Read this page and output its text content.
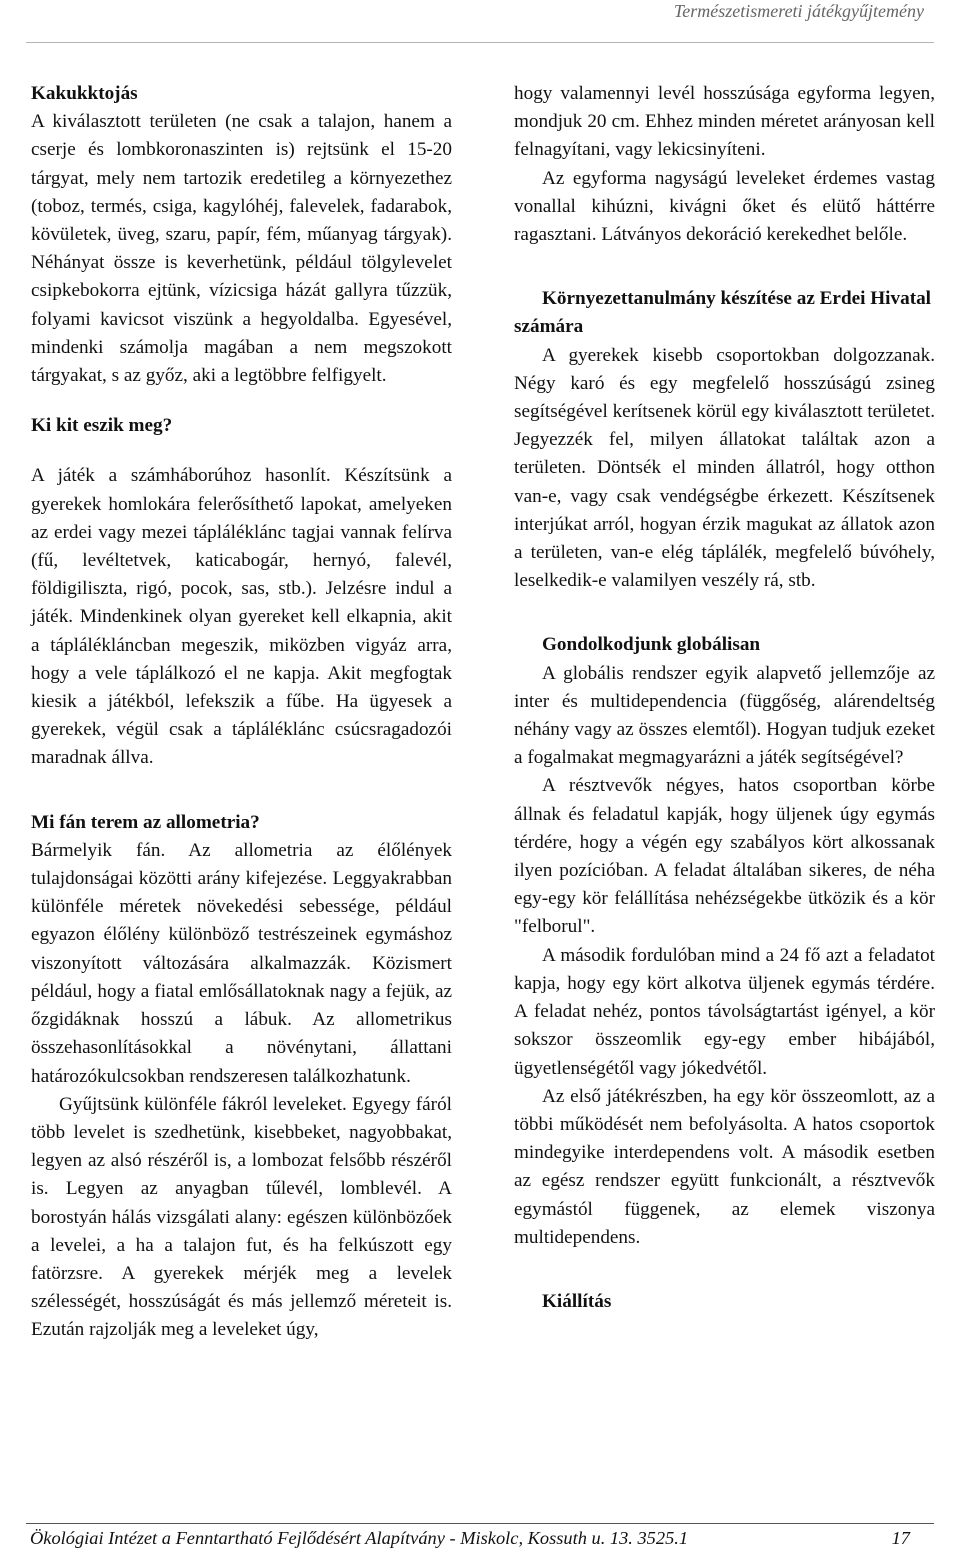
Természetismereti játékgyűjtemény
Kakukktojás

A kiválasztott területen (ne csak a talajon, hanem a cserje és lombkoronaszinten is) rejtsünk el 15-20 tárgyat, mely nem tartozik eredetileg a környezethez (toboz, termés, csiga, kagylóhéj, falevelek, fadarabok, kövületek, üveg, szaru, papír, fém, műanyag tárgyak). Néhányat össze is keverhetünk, például tölgylevelet csipkebokorra ejtünk, vízicsiga házát gallyra tűzzük, folyami kavicsot viszünk a hegyoldalba. Egyesével, mindenki számolja magában a nem megszokott tárgyakat, s az győz, aki a legtöbbre felfigyelt.

Ki kit eszik meg?

A játék a számháborúhoz hasonlít. Készítsünk a gyerekek homlokára felerősíthető lapokat, amelyeken az erdei vagy mezei tápláléklánc tagjai vannak felírva (fű, levéltetvek, katicabogár, hernyó, falevél, földigiliszta, rigó, pocok, sas, stb.). Jelzésre indul a játék. Mindenkinek olyan gyereket kell elkapnia, akit a táplálékláncban megeszik, miközben vigyáz arra, hogy a vele táplálkozó el ne kapja. Akit megfogtak kiesik a játékból, lefekszik a fűbe. Ha ügyesek a gyerekek, végül csak a tápláléklánc csúcsragadozói maradnak állva.

Mi fán terem az allometria?

Bármelyik fán. Az allometria az élőlények tulajdonságai közötti arány kifejezése. Leggyakrabban különféle méretek növekedési sebessége, például egyazon élőlény különböző testrészeinek egymáshoz viszonyított változására alkalmazzák. Közismert például, hogy a fiatal emlősállatoknak nagy a fejük, az őzgidáknak hosszú a lábuk. Az allometrikus összehasonlításokkal a növénytani, állattani határozókulcsokban rendszeresen találkozhatunk.

Gyűjtsünk különféle fákról leveleket. Egyegy fáról több levelet is szedhetünk, kisebbeket, nagyobbakat, legyen az alsó részéről is, a lombozat felsőbb részéről is. Legyen az anyagban tűlevél, lomblevél. A borostyán hálás vizsgálati alany: egészen különbözőek a levelei, a ha a talajon fut, és ha felkúszott egy fatörzsre. A gyerekek mérjék meg a levelek szélességét, hosszúságát és más jellemző méreteit is. Ezután rajzolják meg a leveleket úgy,

hogy valamennyi levél hosszúsága egyforma legyen, mondjuk 20 cm. Ehhez minden méretet arányosan kell felnagyítani, vagy lekicsinyíteni.

Az egyforma nagyságú leveleket érdemes vastag vonallal kihúzni, kivágni őket és elütő háttérre ragasztani. Látványos dekoráció kerekedhet belőle.

Környezettanulmány készítése az Erdei Hivatal számára

A gyerekek kisebb csoportokban dolgozzanak. Négy karó és egy megfelelő hosszúságú zsineg segítségével kerítsenek körül egy kiválasztott területet. Jegyezzék fel, milyen állatokat találtak azon a területen. Döntsék el minden állatról, hogy otthon van-e, vagy csak vendégségbe érkezett. Készítsenek interjúkat arról, hogyan érzik magukat az állatok azon a területen, van-e elég táplálék, megfelelő búvóhely, leselkedik-e valamilyen veszély rá, stb.

Gondolkodjunk globálisan

A globális rendszer egyik alapvető jellemzője az inter és multidependencia (függőség, alárendeltség néhány vagy az összes elemtől). Hogyan tudjuk ezeket a fogalmakat megmagyarázni a játék segítségével?

A résztvevők négyes, hatos csoportban körbe állnak és feladatul kapják, hogy üljenek úgy egymás térdére, hogy a végén egy szabályos kört alkossanak ilyen pozícióban. A feladat általában sikeres, de néha egy-egy kör felállítása nehézségekbe ütközik és a kör "felborul".

A második fordulóban mind a 24 fő azt a feladatot kapja, hogy egy kört alkotva üljenek egymás térdére. A feladat nehéz, pontos távolságtartást igényel, a kör sokszor összeomlik egy-egy ember hibájából, ügyetlenségétől vagy jókedvétől.

Az első játékrészben, ha egy kör összeomlott, az a többi működését nem befolyásolta. A hatos csoportok mindegyike interdependens volt. A második esetben az egész rendszer együtt funkcionált, a résztvevők egymástól függenek, az elemek viszonya multidependens.

Kiállítás
Ökológiai Intézet a Fenntartható Fejlődésért Alapítvány - Miskolc, Kossuth u. 13. 3525.1	17
